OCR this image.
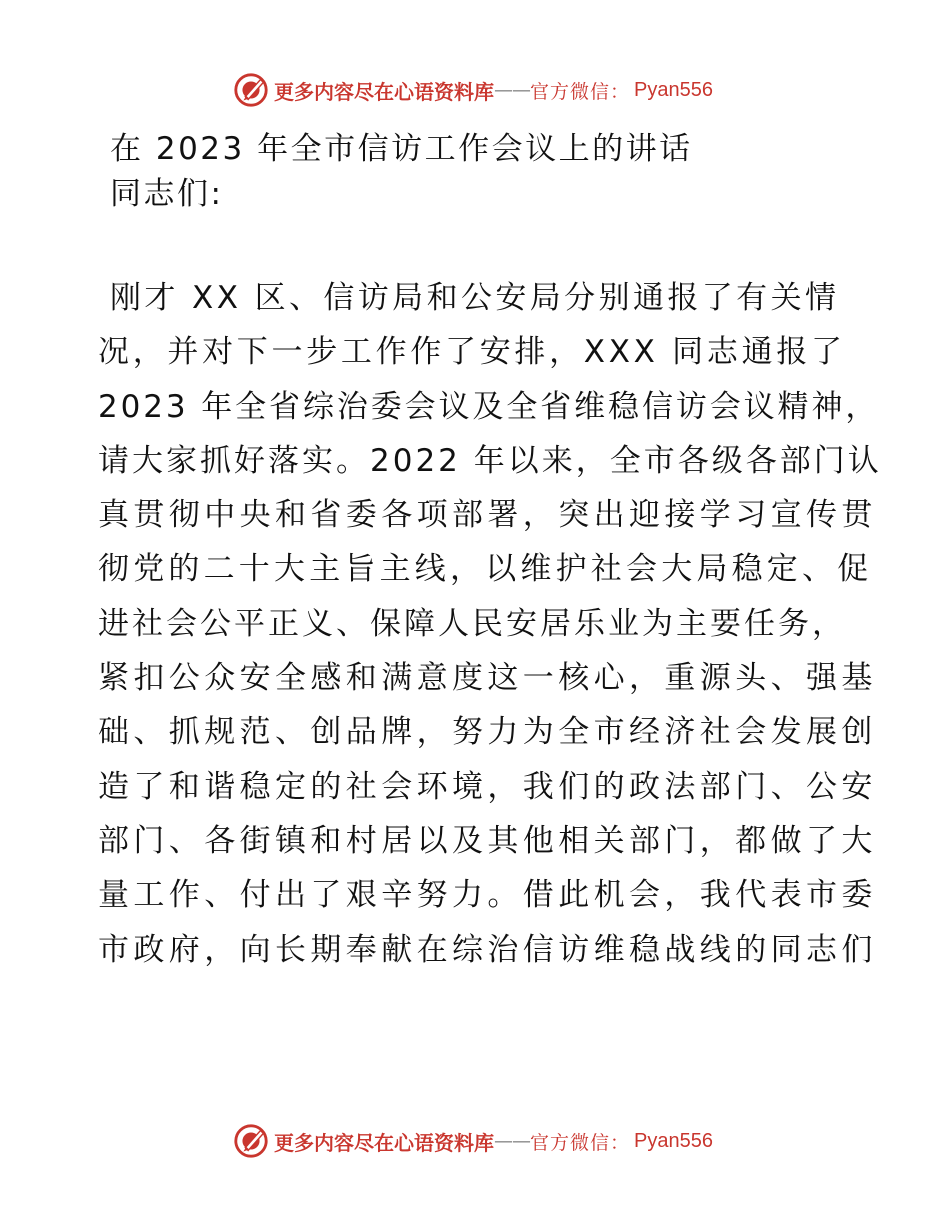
更多内容尽在心语资料库 —— 官方微信： Pyan556
在 2023 年全市信访工作会议上的讲话
同志们:
刚才 XX 区、信访局和公安局分别通报了有关情
况，并对下一步工作作了安排，XXX 同志通报了
2023 年全省综治委会议及全省维稳信访会议精神，
请大家抓好落实。2022 年以来，全市各级各部门认
真贯彻中央和省委各项部署，突出迎接学习宣传贯
彻党的二十大主旨主线，以维护社会大局稳定、促
进社会公平正义、保障人民安居乐业为主要任务，
紧扣公众安全感和满意度这一核心，重源头、强基
础、抓规范、创品牌，努力为全市经济社会发展创
造了和谐稳定的社会环境，我们的政法部门、公安
部门、各街镇和村居以及其他相关部门，都做了大
量工作、付出了艰辛努力。借此机会，我代表市委
市政府，向长期奉献在综治信访维稳战线的同志们
更多内容尽在心语资料库 —— 官方微信： Pyan556
